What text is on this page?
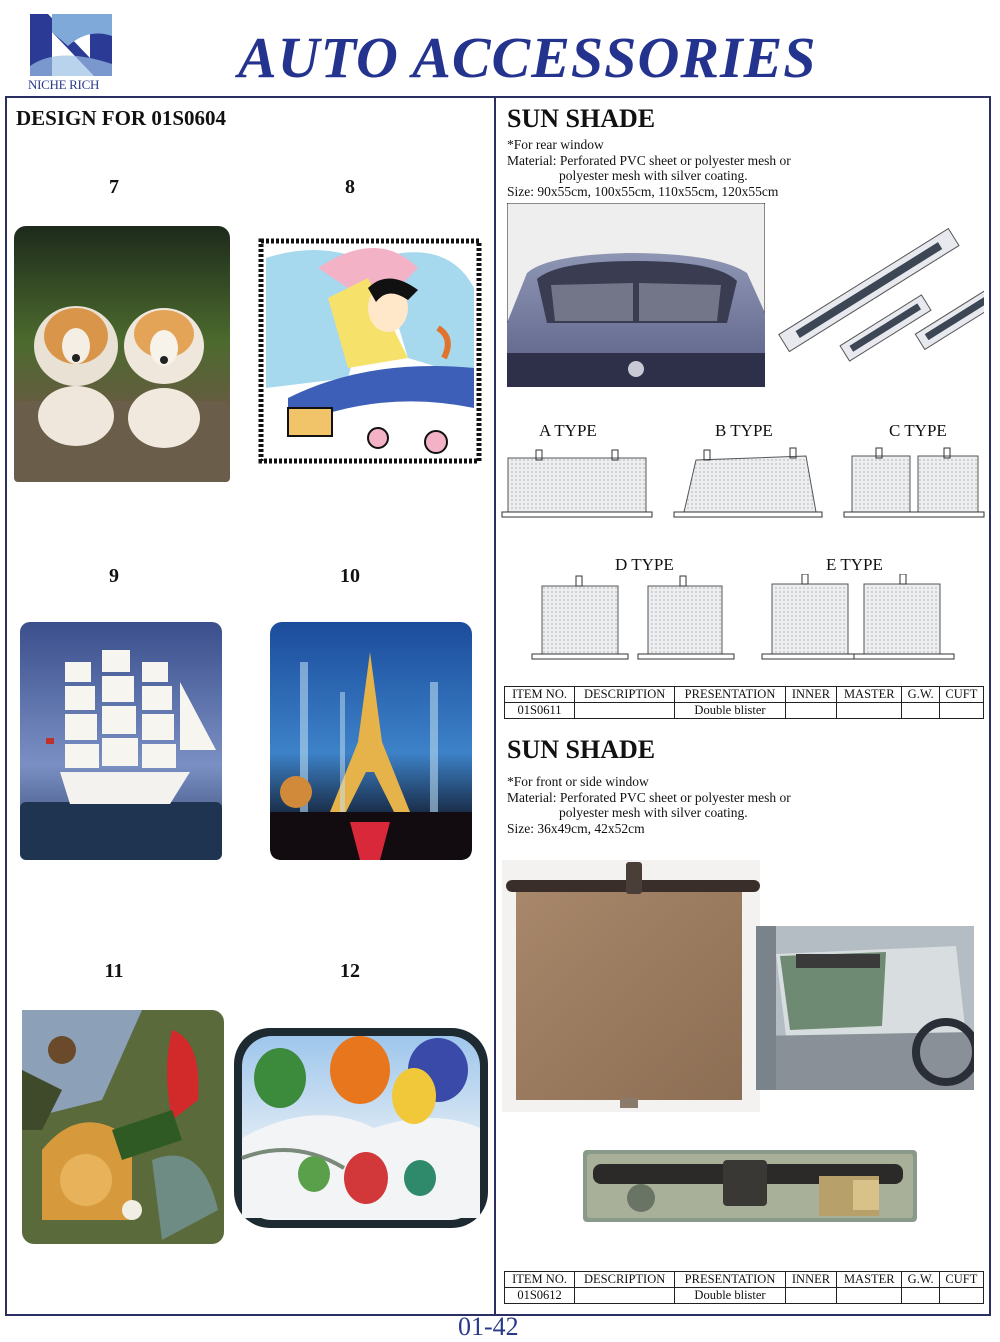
NICHE RICH	AUTO ACCESSORIES
DESIGN FOR 01S0604
7	8
9	10
11	12
SUN SHADE
*For rear window
Material: Perforated PVC sheet or polyester mesh or
polyester mesh with silver coating.
Size: 90x55cm, 100x55cm, 110x55cm, 120x55cm
A TYPE	B TYPE	C TYPE
D TYPE	E TYPE
ITEM NO.	DESCRIPTION	PRESENTATION	INNER	MASTER	G.W.	CUFT
01S0611		Double blister				
SUN SHADE
*For front or side window
Material: Perforated PVC sheet or polyester mesh or
polyester mesh with silver coating.
Size: 36x49cm, 42x52cm
ITEM NO.	DESCRIPTION	PRESENTATION	INNER	MASTER	G.W.	CUFT
01S0612		Double blister				
01-42
